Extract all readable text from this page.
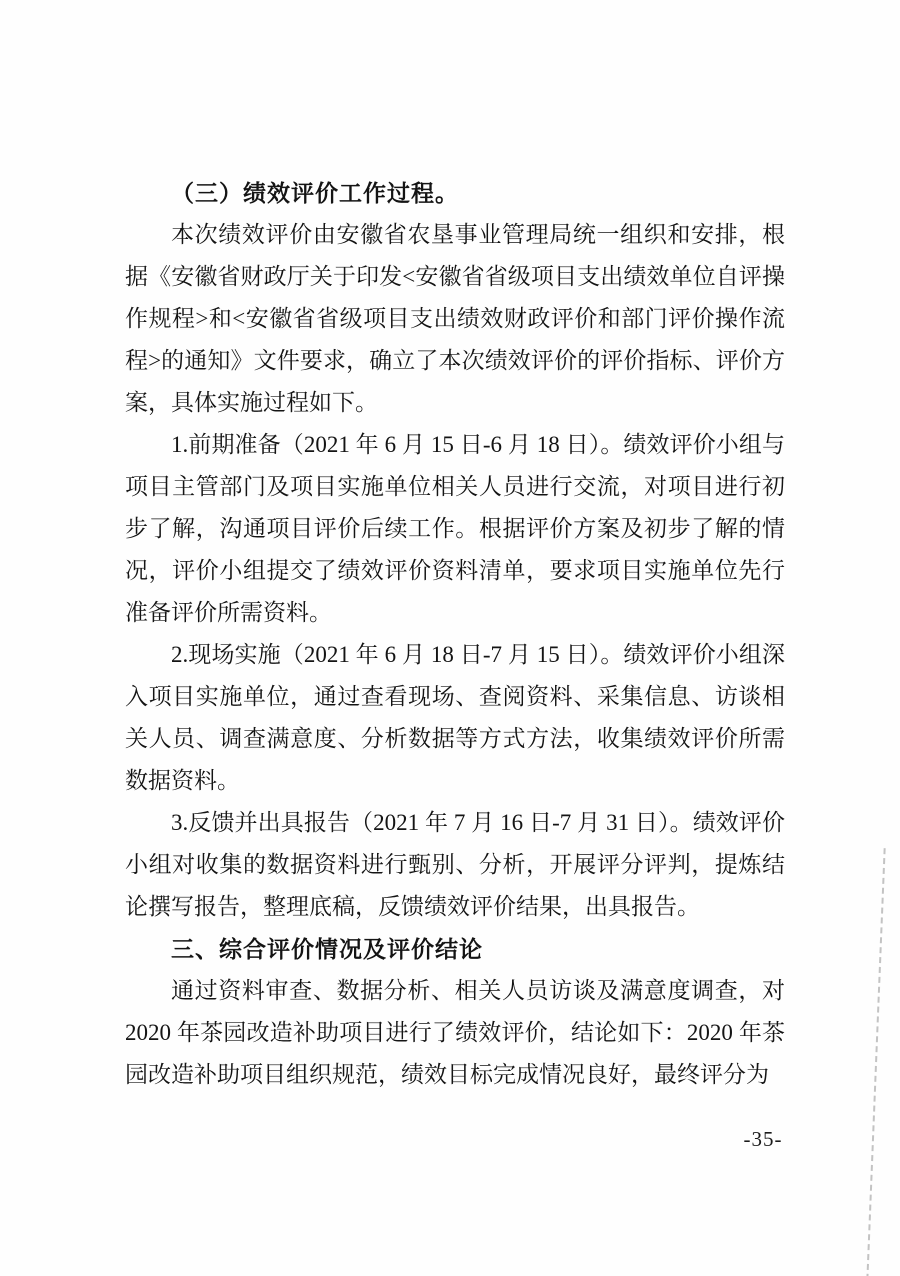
（三）绩效评价工作过程。

本次绩效评价由安徽省农垦事业管理局统一组织和安排，根据《安徽省财政厅关于印发<安徽省省级项目支出绩效单位自评操作规程>和<安徽省省级项目支出绩效财政评价和部门评价操作流程>的通知》文件要求，确立了本次绩效评价的评价指标、评价方案，具体实施过程如下。

1.前期准备（2021 年 6 月 15 日-6 月 18 日）。绩效评价小组与项目主管部门及项目实施单位相关人员进行交流，对项目进行初步了解，沟通项目评价后续工作。根据评价方案及初步了解的情况，评价小组提交了绩效评价资料清单，要求项目实施单位先行准备评价所需资料。

2.现场实施（2021 年 6 月 18 日-7 月 15 日）。绩效评价小组深入项目实施单位，通过查看现场、查阅资料、采集信息、访谈相关人员、调查满意度、分析数据等方式方法，收集绩效评价所需数据资料。

3.反馈并出具报告（2021 年 7 月 16 日-7 月 31 日）。绩效评价小组对收集的数据资料进行甄别、分析，开展评分评判，提炼结论撰写报告，整理底稿，反馈绩效评价结果，出具报告。

三、综合评价情况及评价结论

通过资料审查、数据分析、相关人员访谈及满意度调查，对 2020 年茶园改造补助项目进行了绩效评价，结论如下：2020 年茶园改造补助项目组织规范，绩效目标完成情况良好，最终评分为

-35-
